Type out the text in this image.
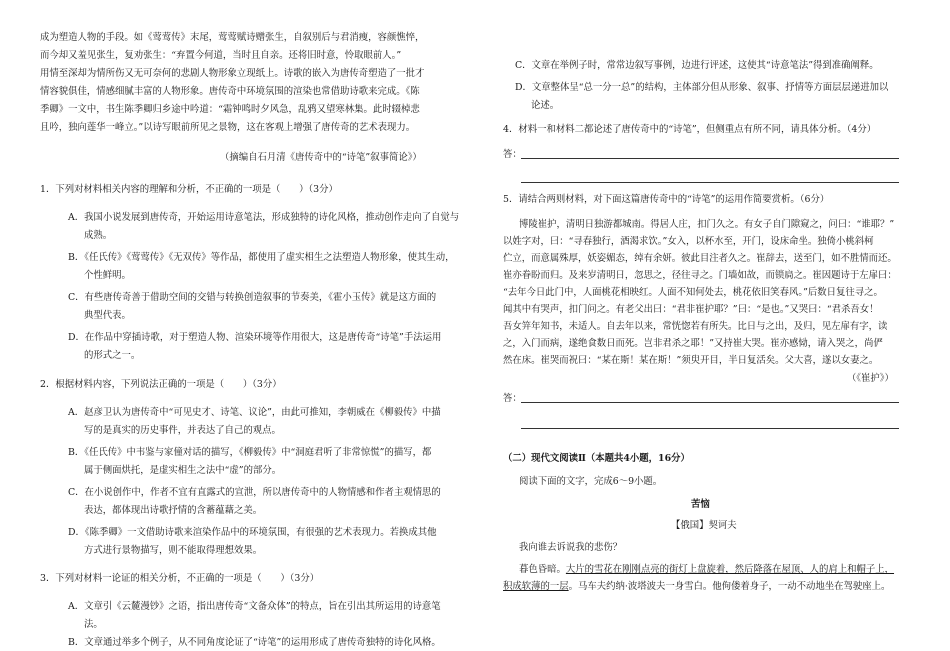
成为塑造人物的手段。如《莺莺传》末尾，莺莺赋诗赠张生，自叙别后与君消瘦，容颜憔悴，
而今却又羞见张生，复劝张生：“弃置今何道，当时且自亲。还将旧时意，怜取眼前人。”
用情至深却为情所伤又无可奈何的悲剧人物形象立现纸上。诗歌的嵌入为唐传奇塑造了一批才
情容貌俱佳，情感细腻丰富的人物形象。唐传奇中环境氛围的渲染也常借助诗歌来完成。《陈
季卿》一文中，书生陈季卿归乡途中吟道：“霜钟鸣时夕风急，乱鸦又望寒林集。此时辍棹悲
且吟，独向莲华一峰立。”以诗写眼前所见之景物，这在客观上增强了唐传奇的艺术表现力。
（摘编自石月清《唐传奇中的“诗笔”叙事简论》）
1．下列对材料相关内容的理解和分析，不正确的一项是（　　）（3分）
A．我国小说发展到唐传奇，开始运用诗意笔法，形成独特的诗化风格，推动创作走向了自觉与
成熟。
B．《任氏传》《莺莺传》《无双传》等作品，都使用了虚实相生之法塑造人物形象，使其生动，
个性鲜明。
C．有些唐传奇善于借助空间的交错与转换创造叙事的节奏美，《霍小玉传》就是这方面的
典型代表。
D．在作品中穿插诗歌，对于塑造人物、渲染环境等作用很大，这是唐传奇“诗笔”手法运用
的形式之一。
2．根据材料内容，下列说法正确的一项是（　　）（3分）
A．赵彦卫认为唐传奇中“可见史才、诗笔、议论”，由此可推知，李朝威在《柳毅传》中描
写的是真实的历史事件，并表达了自己的观点。
B．《任氏传》中韦鉴与家僮对话的描写，《柳毅传》中“洞庭君听了非常惊慌”的描写，都
属于侧面烘托，是虚实相生之法中“虚”的部分。
C．在小说创作中，作者不宜有直露式的宣泄，所以唐传奇中的人物情感和作者主观情思的
表达，都体现出诗歌抒情的含蓄蕴藉之美。
D．《陈季卿》一文借助诗歌来渲染作品中的环境氛围，有很强的艺术表现力。若换成其他
方式进行景物描写，则不能取得理想效果。
3．下列对材料一论证的相关分析，不正确的一项是（　　）（3分）
A．文章引《云麓漫钞》之语，指出唐传奇“文备众体”的特点，旨在引出其所运用的诗意笔
法。
B．文章通过举多个例子，从不同角度论证了“诗笔”的运用形成了唐传奇独特的诗化风格。
C．文章在举例子时，常常边叙写事例，边进行评述，这使其“诗意笔法”得到准确阐释。
D．文章整体呈“总一分一总”的结构，主体部分但从形象、叙事、抒情等方面层层递进加以
论述。
4．材料一和材料二都论述了唐传奇中的“诗笔”，但侧重点有所不同，请具体分析。（4分）
答：
5．请结合两则材料，对下面这篇唐传奇中的“诗笔”的运用作简要赏析。（6分）
博陵崔护，清明日独游都城南。得居人庄，扣门久之。有女子自门隙窥之，问曰：“谁耶？”
以姓字对，曰：“寻春独行，酒渴求饮。”女入，以杯水至，开门，设床命坐。独倚小桃斜柯
伫立，而意属殊厚，妖姿媚态，绰有余妍。彼此目注者久之。崔辞去，送至门，如不胜情而还。
崔亦眷盼而归。及来岁清明日，忽思之，径往寻之。门墙如故，而锁扃之。崔因题诗于左扉曰：
“去年今日此门中，人面桃花相映红。人面不知何处去，桃花依旧笑春风。”后数日复往寻之。
闻其中有哭声，扣门问之。有老父出曰：“君非崔护耶？”曰：“是也。”又哭曰：“君杀吾女！
吾女笄年知书，未适人。自去年以来，常恍惚若有所失。比日与之出，及归，见左扉有字，读
之，入门而病，遂绝食数日而死。岂非君杀之耶！”又持崔大哭。崔亦感恸，请入哭之，尚俨
然在床。崔哭而祝曰：“某在斯！某在斯！”须臾开目，半日复活矣。父大喜，遂以女妻之。
（《崔护》）
答：
（二）现代文阅读Ⅱ（本题共4小题，16分）
阅读下面的文字，完成6～9小题。
苦恼
【俄国】契诃夫
我向谁去诉说我的悲伤？
暮色昏暗。大片的雪花在刚刚点亮的街灯上盘旋着，然后降落在屋顶、人的肩上和帽子上，
积成软薄的一层。马车夫约纳·波塔波夫一身雪白。他佝偻着身子，一动不动地坐在驾驶座上。
